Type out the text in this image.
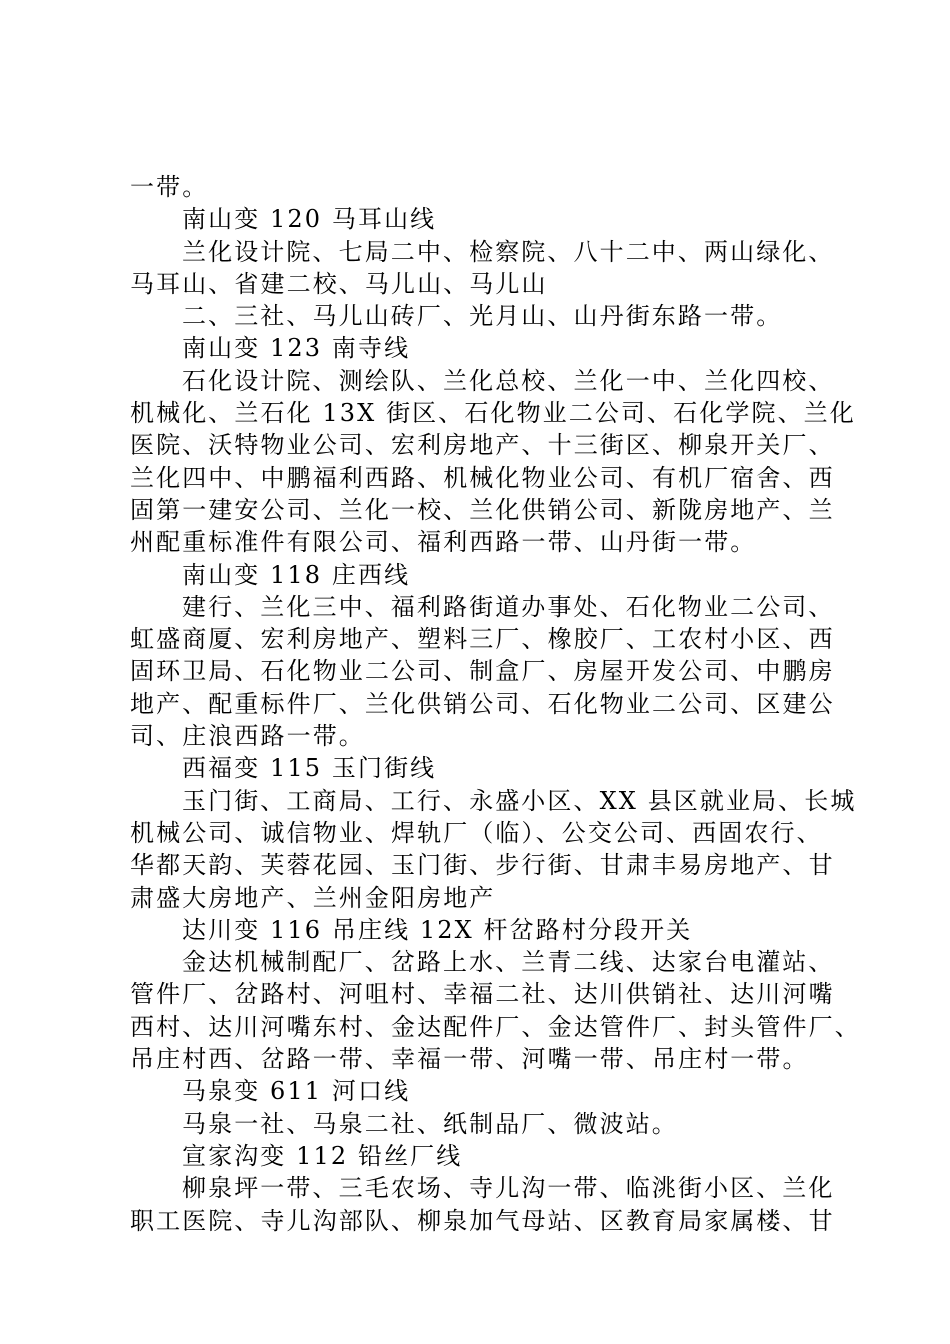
一带。
南山变 120 马耳山线
兰化设计院、七局二中、检察院、八十二中、两山绿化、
马耳山、省建二校、马儿山、马儿山
二、三社、马儿山砖厂、光月山、山丹街东路一带。
南山变 123 南寺线
石化设计院、测绘队、兰化总校、兰化一中、兰化四校、
机械化、兰石化 13X 街区、石化物业二公司、石化学院、兰化
医院、沃特物业公司、宏利房地产、十三街区、柳泉开关厂、
兰化四中、中鹏福利西路、机械化物业公司、有机厂宿舍、西
固第一建安公司、兰化一校、兰化供销公司、新陇房地产、兰
州配重标准件有限公司、福利西路一带、山丹街一带。
南山变 118 庄西线
建行、兰化三中、福利路街道办事处、石化物业二公司、
虹盛商厦、宏利房地产、塑料三厂、橡胶厂、工农村小区、西
固环卫局、石化物业二公司、制盒厂、房屋开发公司、中鹏房
地产、配重标件厂、兰化供销公司、石化物业二公司、区建公
司、庄浪西路一带。
西福变 115 玉门街线
玉门街、工商局、工行、永盛小区、XX 县区就业局、长城
机械公司、诚信物业、焊轨厂（临）、公交公司、西固农行、
华都天韵、芙蓉花园、玉门街、步行街、甘肃丰易房地产、甘
肃盛大房地产、兰州金阳房地产
达川变 116 吊庄线 12X 杆岔路村分段开关
金达机械制配厂、岔路上水、兰青二线、达家台电灌站、
管件厂、岔路村、河咀村、幸福二社、达川供销社、达川河嘴
西村、达川河嘴东村、金达配件厂、金达管件厂、封头管件厂、
吊庄村西、岔路一带、幸福一带、河嘴一带、吊庄村一带。
马泉变 611 河口线
马泉一社、马泉二社、纸制品厂、微波站。
宣家沟变 112 铅丝厂线
柳泉坪一带、三毛农场、寺儿沟一带、临洮街小区、兰化
职工医院、寺儿沟部队、柳泉加气母站、区教育局家属楼、甘
